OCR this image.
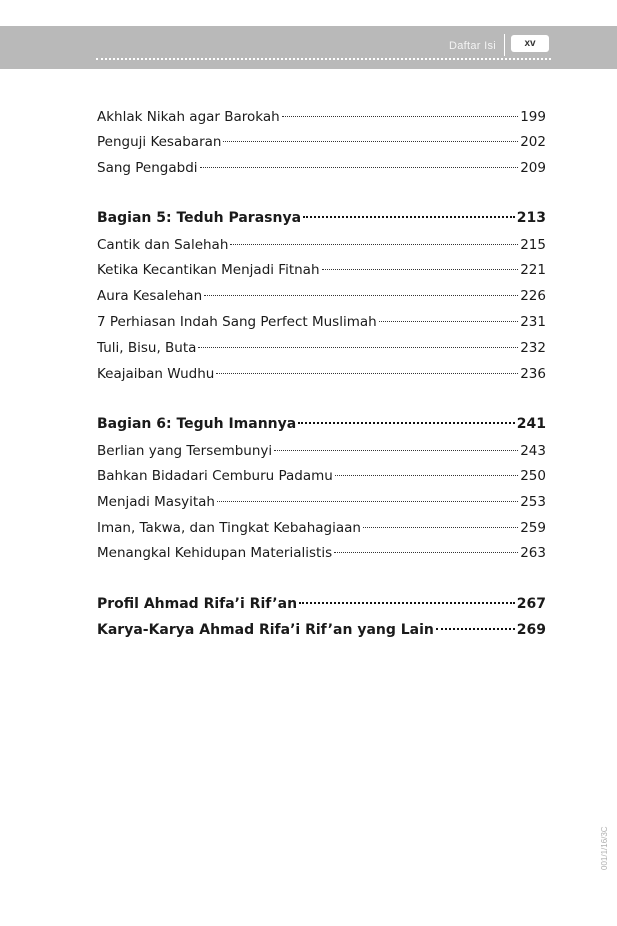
Daftar Isi	xv
Akhlak Nikah agar Barokah	199
Penguji Kesabaran	202
Sang Pengabdi	209
Bagian 5: Teduh Parasnya	213
Cantik dan Salehah	215
Ketika Kecantikan Menjadi Fitnah	221
Aura Kesalehan	226
7 Perhiasan Indah Sang Perfect Muslimah	231
Tuli, Bisu, Buta	232
Keajaiban Wudhu	236
Bagian 6: Teguh Imannya	241
Berlian yang Tersembunyi	243
Bahkan Bidadari Cemburu Padamu	250
Menjadi Masyitah	253
Iman, Takwa, dan Tingkat Kebahagiaan	259
Menangkal Kehidupan Materialistis	263
Profil Ahmad Rifa’i Rif’an	267
Karya-Karya Ahmad Rifa’i Rif’an yang Lain	269
001/1/16/3C
